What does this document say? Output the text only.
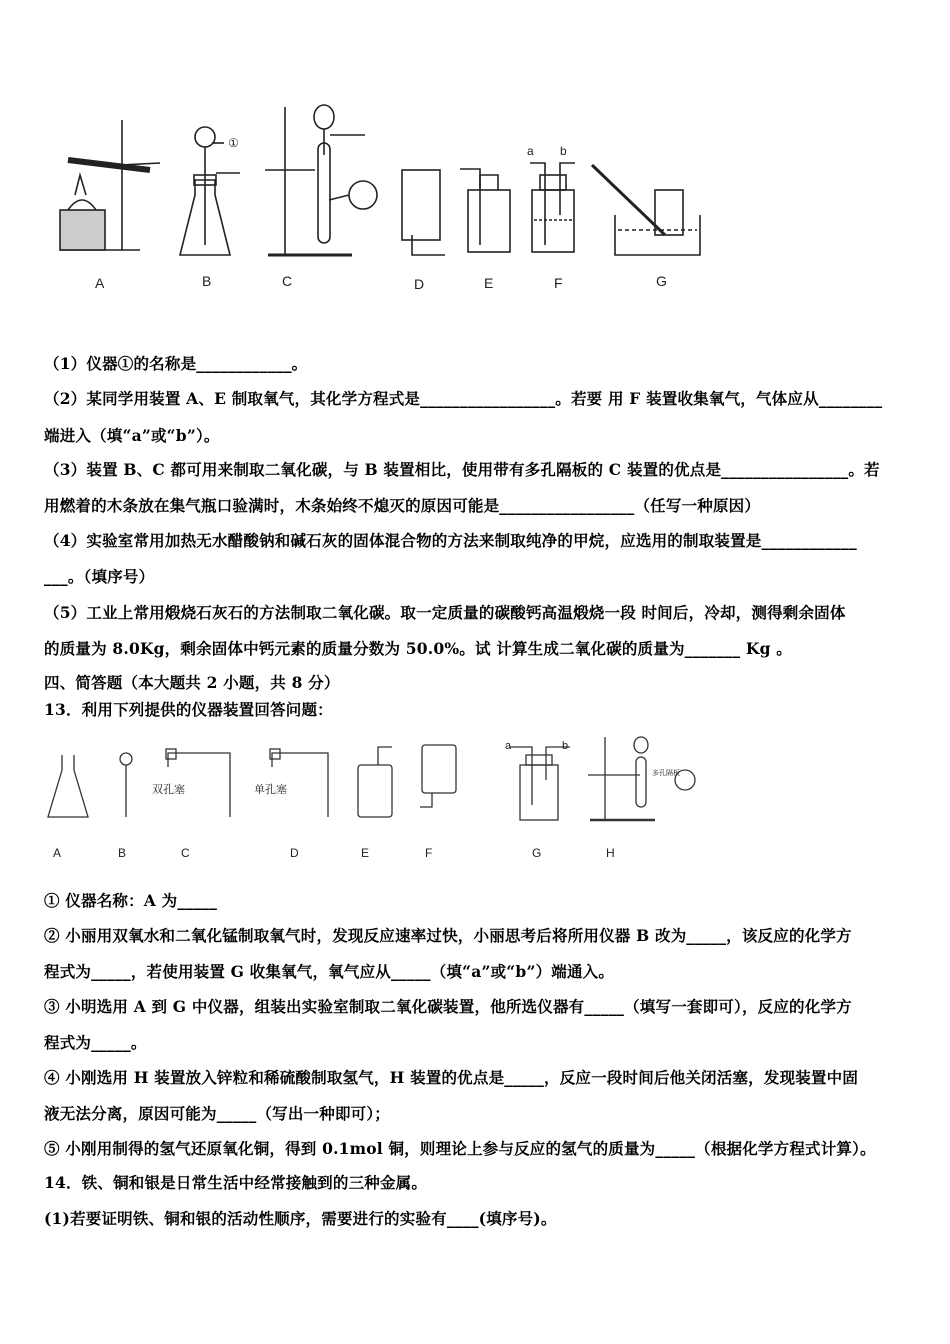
①
a b
A	B	C	D	E	F	G
（1）仪器①的名称是____________。
（2）某同学用装置 A、E 制取氧气，其化学方程式是_________________。若要 用 F 装置收集氧气，气体应从________
端进入（填“a”或“b”）。
（3）装置 B、C 都可用来制取二氧化碳，与 B 装置相比，使用带有多孔隔板的 C 装置的优点是________________。若
用燃着的木条放在集气瓶口验满时，木条始终不熄灭的原因可能是_________________（任写一种原因）
（4）实验室常用加热无水醋酸钠和碱石灰的固体混合物的方法来制取纯净的甲烷，应选用的制取装置是____________
___。（填序号）
（5）工业上常用煅烧石灰石的方法制取二氧化碳。取一定质量的碳酸钙高温煅烧一段 时间后，冷却，测得剩余固体
的质量为 8.0Kg，剩余固体中钙元素的质量分数为 50.0%。试 计算生成二氧化碳的质量为_______ Kg 。
四、简答题（本大题共 2 小题，共 8 分）
13．利用下列提供的仪器装置回答问题：
双孔塞	单孔塞
a	b
多孔隔板
A	B	C	D	E	F	G	H
① 仪器名称：A 为_____
② 小丽用双氧水和二氧化锰制取氧气时，发现反应速率过快，小丽思考后将所用仪器 B 改为_____，该反应的化学方
程式为_____，若使用装置 G 收集氧气，氧气应从_____（填“a”或“b”）端通入。
③ 小明选用 A 到 G 中仪器，组装出实验室制取二氧化碳装置，他所选仪器有_____（填写一套即可），反应的化学方
程式为_____。
④ 小刚选用 H 装置放入锌粒和稀硫酸制取氢气，H 装置的优点是_____，反应一段时间后他关闭活塞，发现装置中固
液无法分离，原因可能为_____（写出一种即可）；
⑤ 小刚用制得的氢气还原氧化铜，得到 0.1mol 铜，则理论上参与反应的氢气的质量为_____（根据化学方程式计算）。
14．铁、铜和银是日常生活中经常接触到的三种金属。
(1)若要证明铁、铜和银的活动性顺序，需要进行的实验有____(填序号)。
